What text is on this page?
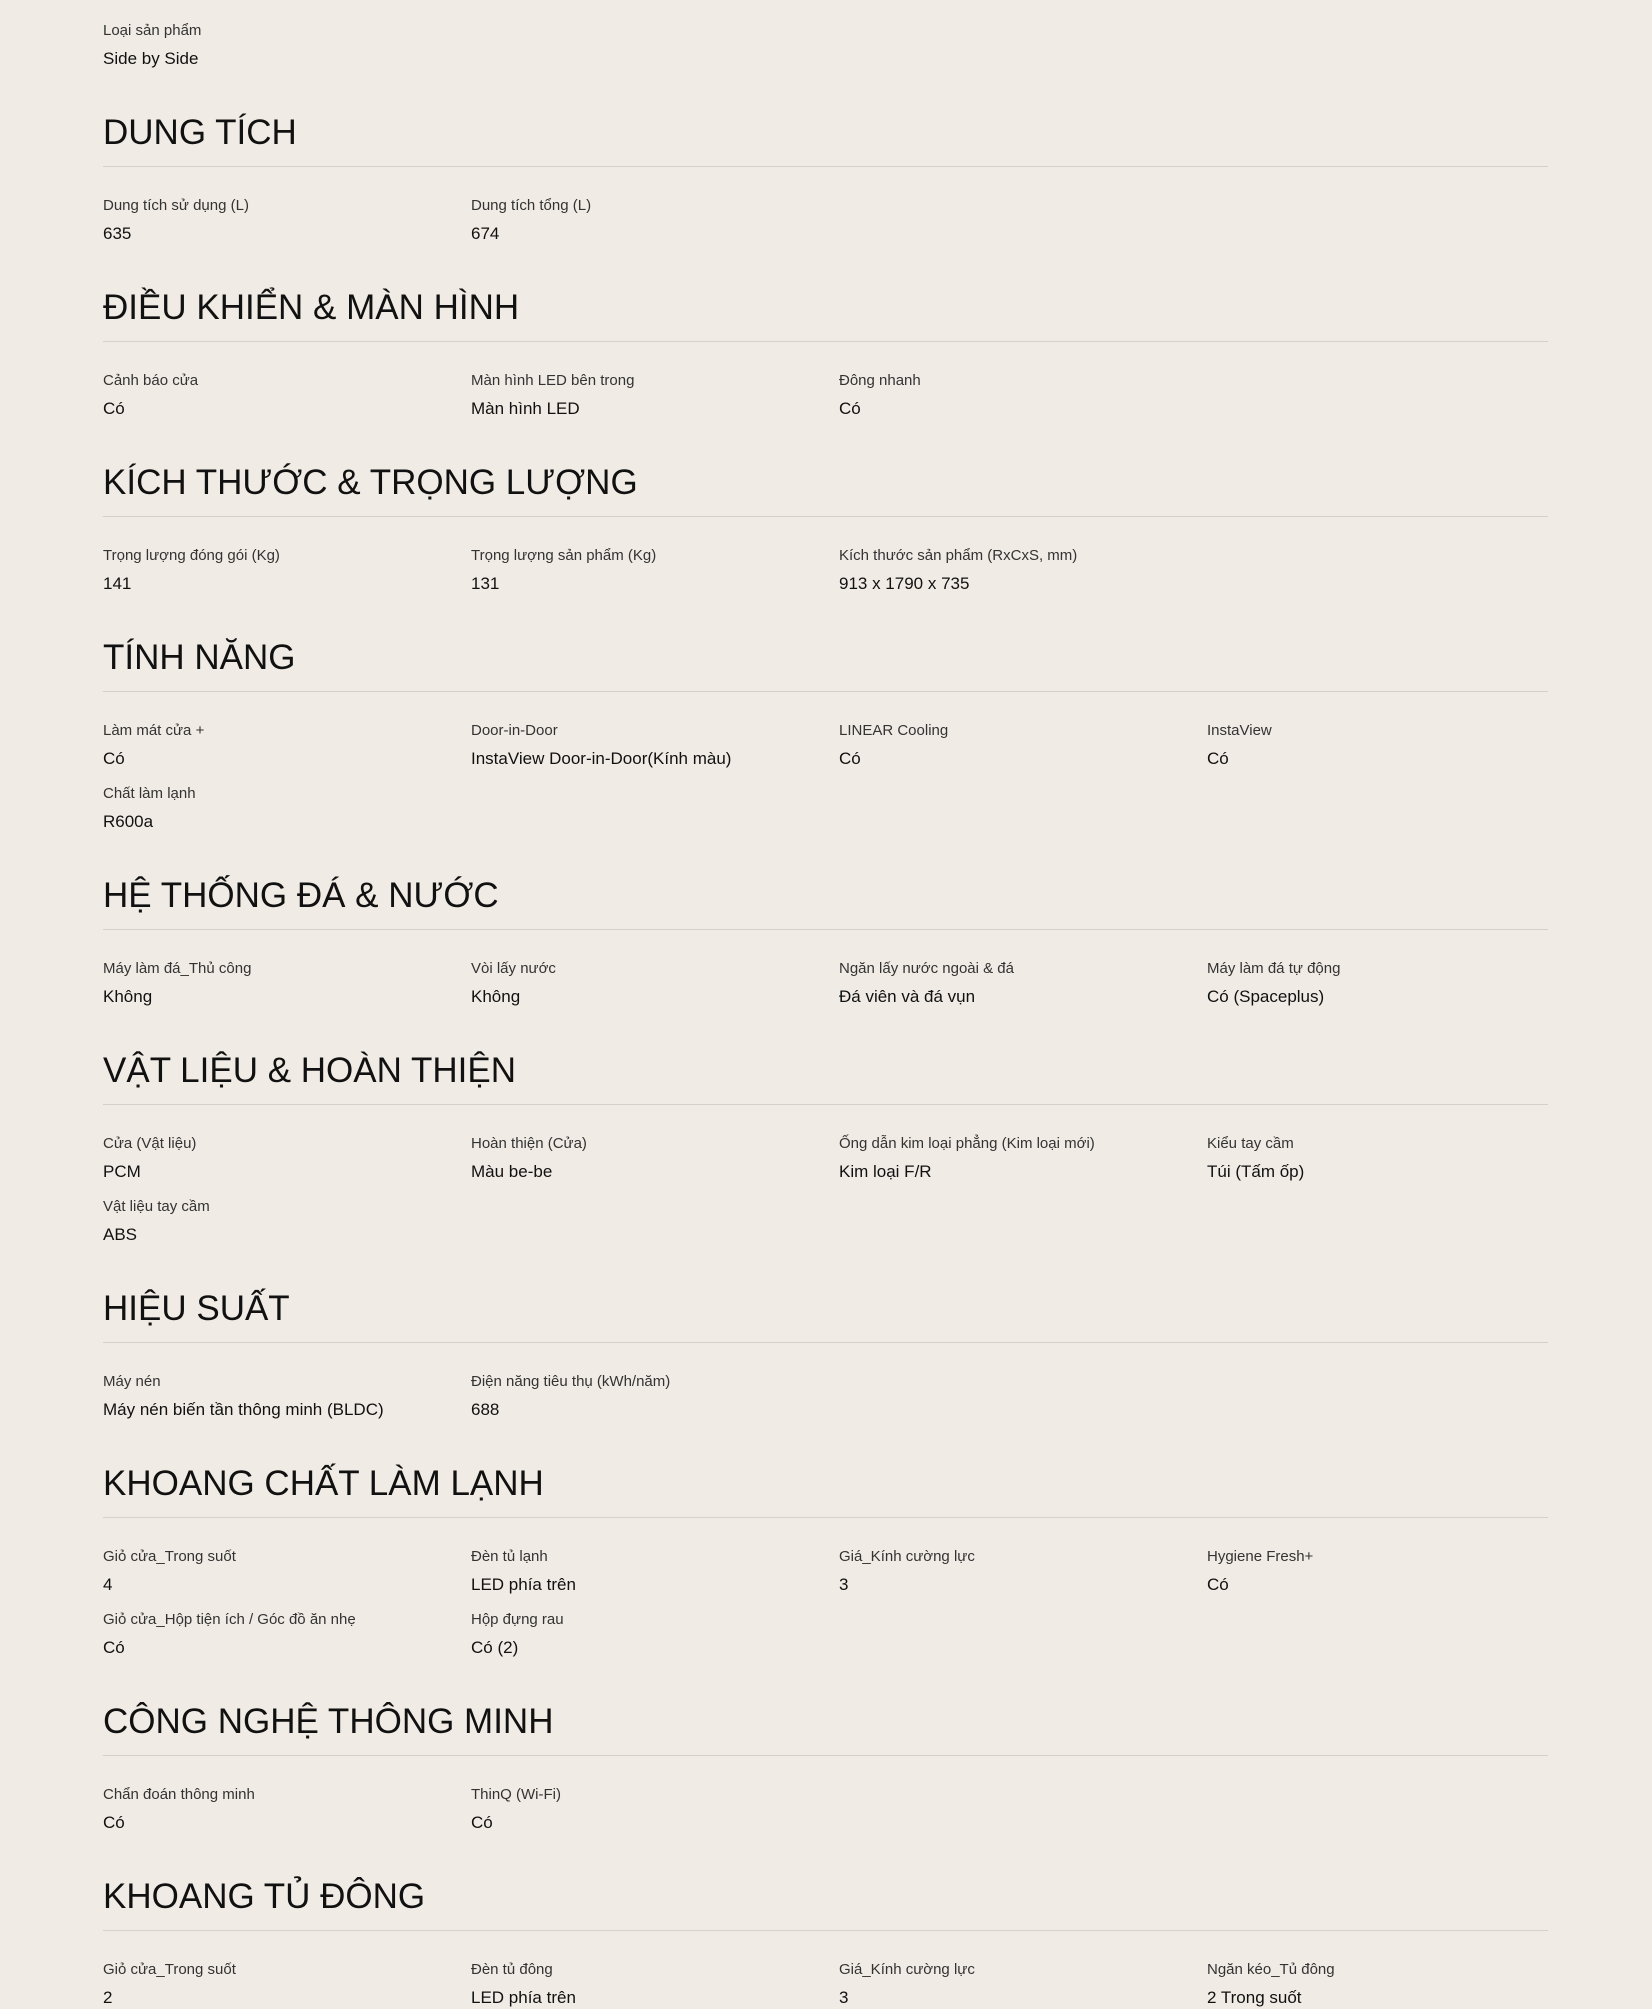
Loại sản phẩm
Side by Side
DUNG TÍCH
Dung tích sử dụng (L)
635
Dung tích tổng (L)
674
ĐIỀU KHIỂN & MÀN HÌNH
Cảnh báo cửa
Có
Màn hình LED bên trong
Màn hình LED
Đông nhanh
Có
KÍCH THƯỚC & TRỌNG LƯỢNG
Trọng lượng đóng gói (Kg)
141
Trọng lượng sản phẩm (Kg)
131
Kích thước sản phẩm (RxCxS, mm)
913 x 1790 x 735
TÍNH NĂNG
Làm mát cửa +
Có
Door-in-Door
InstaView Door-in-Door(Kính màu)
LINEAR Cooling
Có
InstaView
Có
Chất làm lạnh
R600a
HỆ THỐNG ĐÁ & NƯỚC
Máy làm đá_Thủ công
Không
Vòi lấy nước
Không
Ngăn lấy nước ngoài & đá
Đá viên và đá vụn
Máy làm đá tự động
Có (Spaceplus)
VẬT LIỆU & HOÀN THIỆN
Cửa (Vật liệu)
PCM
Hoàn thiện (Cửa)
Màu be-be
Ống dẫn kim loại phẳng (Kim loại mới)
Kim loại F/R
Kiểu tay cầm
Túi (Tấm ốp)
Vật liệu tay cầm
ABS
HIỆU SUẤT
Máy nén
Máy nén biến tần thông minh (BLDC)
Điện năng tiêu thụ (kWh/năm)
688
KHOANG CHẤT LÀM LẠNH
Giỏ cửa_Trong suốt
4
Đèn tủ lạnh
LED phía trên
Giá_Kính cường lực
3
Hygiene Fresh+
Có
Giỏ cửa_Hộp tiện ích / Góc đồ ăn nhẹ
Có
Hộp đựng rau
Có (2)
CÔNG NGHỆ THÔNG MINH
Chẩn đoán thông minh
Có
ThinQ (Wi-Fi)
Có
KHOANG TỦ ĐÔNG
Giỏ cửa_Trong suốt
2
Đèn tủ đông
LED phía trên
Giá_Kính cường lực
3
Ngăn kéo_Tủ đông
2 Trong suốt
